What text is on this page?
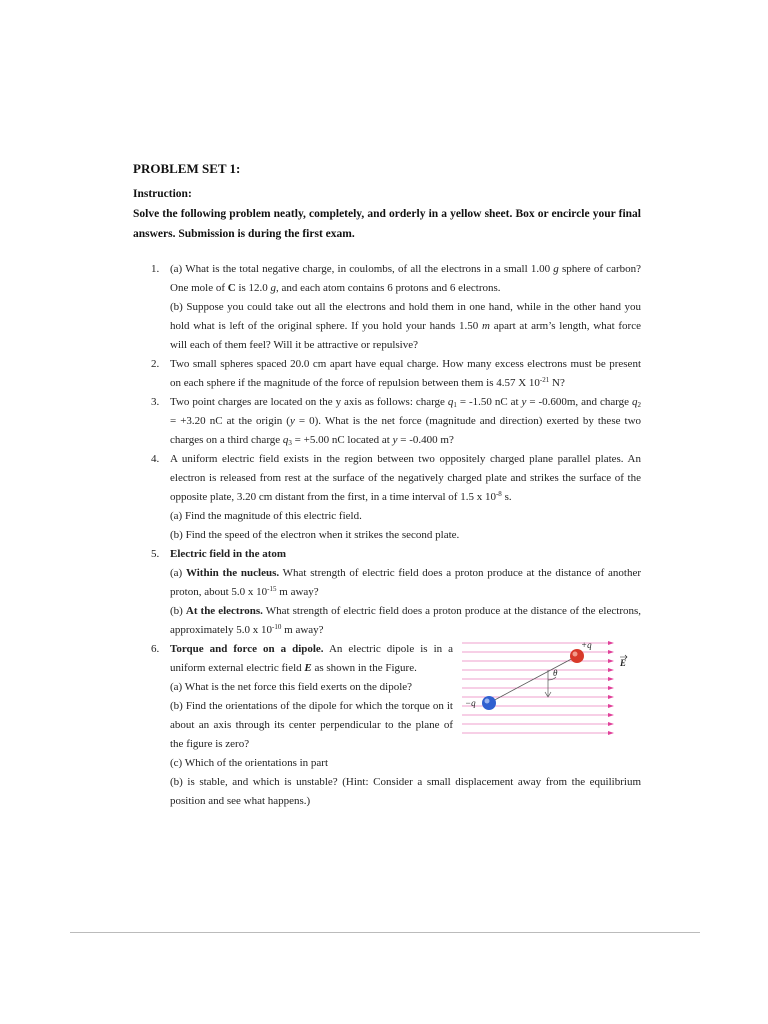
PROBLEM SET 1:
Instruction:
Solve the following problem neatly, completely, and orderly in a yellow sheet. Box or encircle your final answers. Submission is during the first exam.
1. (a) What is the total negative charge, in coulombs, of all the electrons in a small 1.00 g sphere of carbon? One mole of C is 12.0 g, and each atom contains 6 protons and 6 electrons.

(b) Suppose you could take out all the electrons and hold them in one hand, while in the other hand you hold what is left of the original sphere. If you hold your hands 1.50 m apart at arm’s length, what force will each of them feel? Will it be attractive or repulsive?

2. Two small spheres spaced 20.0 cm apart have equal charge. How many excess electrons must be present on each sphere if the magnitude of the force of repulsion between them is 4.57 X $10^{-21}$ N?

3. Two point charges are located on the y axis as follows: charge $q_1 = -1.50$ nC at y = -0.600m, and charge $q_2 = +3.20$ nC at the origin (y = 0). What is the net force (magnitude and direction) exerted by these two charges on a third charge $q_3 = +5.00$ nC located at y = -0.400 m?

4. A uniform electric field exists in the region between two oppositely charged plane parallel plates. An electron is released from rest at the surface of the negatively charged plate and strikes the surface of the opposite plate, 3.20 cm distant from the first, in a time interval of 1.5 x $10^{-8}$ s.

(a) Find the magnitude of this electric field.

(b) Find the speed of the electron when it strikes the second plate.

5. Electric field in the atom

(a) Within the nucleus. What strength of electric field does a proton produce at the distance of another proton, about 5.0 x $10^{-15}$ m away?

(b) At the electrons. What strength of electric field does a proton produce at the distance of the electrons, approximately 5.0 x $10^{-10}$ m away?

6. Torque and force on a dipole. An electric dipole is in a uniform external electric field E as shown in the Figure.

(a) What is the net force this field exerts on the dipole?

(b) Find the orientations of the dipole for which the torque on it about an axis through its center perpendicular to the plane of the figure is zero?

(c) Which of the orientations in part

(b) is stable, and which is unstable? (Hint: Consider a small displacement away from the equilibrium position and see what happens.)

+q
−q
θ
E
